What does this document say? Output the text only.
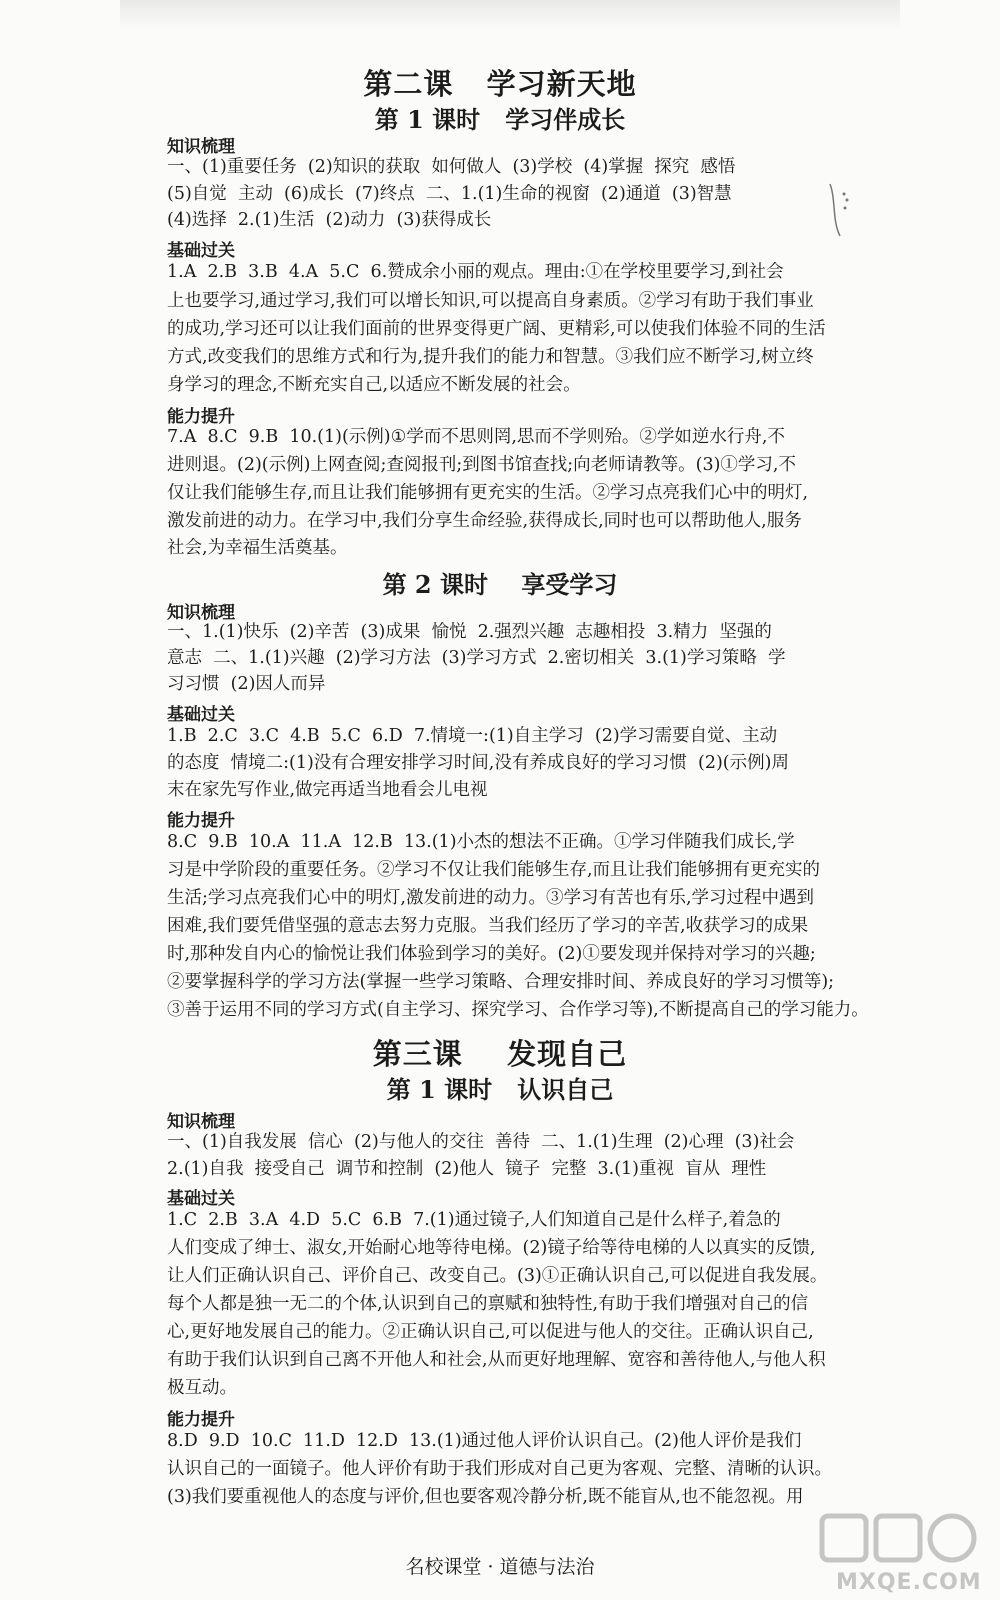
第二课   学习新天地
第 1 课时   学习伴成长
知识梳理
一、(1)重要任务  (2)知识的获取  如何做人  (3)学校  (4)掌握  探究  感悟
(5)自觉  主动  (6)成长  (7)终点  二、1.(1)生命的视窗  (2)通道  (3)智慧
(4)选择  2.(1)生活  (2)动力  (3)获得成长
基础过关
1.A  2.B  3.B  4.A  5.C  6.赞成余小丽的观点。理由:①在学校里要学习,到社会
上也要学习,通过学习,我们可以增长知识,可以提高自身素质。②学习有助于我们事业
的成功,学习还可以让我们面前的世界变得更广阔、更精彩,可以使我们体验不同的生活
方式,改变我们的思维方式和行为,提升我们的能力和智慧。③我们应不断学习,树立终
身学习的理念,不断充实自己,以适应不断发展的社会。
能力提升
7.A  8.C  9.B  10.(1)(示例)①学而不思则罔,思而不学则殆。②学如逆水行舟,不
进则退。(2)(示例)上网查阅;查阅报刊;到图书馆查找;向老师请教等。(3)①学习,不
仅让我们能够生存,而且让我们能够拥有更充实的生活。②学习点亮我们心中的明灯,
激发前进的动力。在学习中,我们分享生命经验,获得成长,同时也可以帮助他人,服务
社会,为幸福生活奠基。
第 2 课时    享受学习
知识梳理
一、1.(1)快乐  (2)辛苦  (3)成果  愉悦  2.强烈兴趣  志趣相投  3.精力  坚强的
意志  二、1.(1)兴趣  (2)学习方法  (3)学习方式  2.密切相关  3.(1)学习策略  学
习习惯  (2)因人而异
基础过关
1.B  2.C  3.C  4.B  5.C  6.D  7.情境一:(1)自主学习  (2)学习需要自觉、主动
的态度  情境二:(1)没有合理安排学习时间,没有养成良好的学习习惯  (2)(示例)周
末在家先写作业,做完再适当地看会儿电视
能力提升
8.C  9.B  10.A  11.A  12.B  13.(1)小杰的想法不正确。①学习伴随我们成长,学
习是中学阶段的重要任务。②学习不仅让我们能够生存,而且让我们能够拥有更充实的
生活;学习点亮我们心中的明灯,激发前进的动力。③学习有苦也有乐,学习过程中遇到
困难,我们要凭借坚强的意志去努力克服。当我们经历了学习的辛苦,收获学习的成果
时,那种发自内心的愉悦让我们体验到学习的美好。(2)①要发现并保持对学习的兴趣;
②要掌握科学的学习方法(掌握一些学习策略、合理安排时间、养成良好的学习习惯等);
③善于运用不同的学习方式(自主学习、探究学习、合作学习等),不断提高自己的学习能力。
第三课    发现自己
第 1 课时   认识自己
知识梳理
一、(1)自我发展  信心  (2)与他人的交往  善待  二、1.(1)生理  (2)心理  (3)社会
2.(1)自我  接受自己  调节和控制  (2)他人  镜子  完整  3.(1)重视  盲从  理性
基础过关
1.C  2.B  3.A  4.D  5.C  6.B  7.(1)通过镜子,人们知道自己是什么样子,着急的
人们变成了绅士、淑女,开始耐心地等待电梯。(2)镜子给等待电梯的人以真实的反馈,
让人们正确认识自己、评价自己、改变自己。(3)①正确认识自己,可以促进自我发展。
每个人都是独一无二的个体,认识到自己的禀赋和独特性,有助于我们增强对自己的信
心,更好地发展自己的能力。②正确认识自己,可以促进与他人的交往。正确认识自己,
有助于我们认识到自己离不开他人和社会,从而更好地理解、宽容和善待他人,与他人积
极互动。
能力提升
8.D  9.D  10.C  11.D  12.D  13.(1)通过他人评价认识自己。(2)他人评价是我们
认识自己的一面镜子。他人评价有助于我们形成对自己更为客观、完整、清晰的认识。
(3)我们要重视他人的态度与评价,但也要客观冷静分析,既不能盲从,也不能忽视。用
名校课堂 · 道德与法治
MXQE.COM
